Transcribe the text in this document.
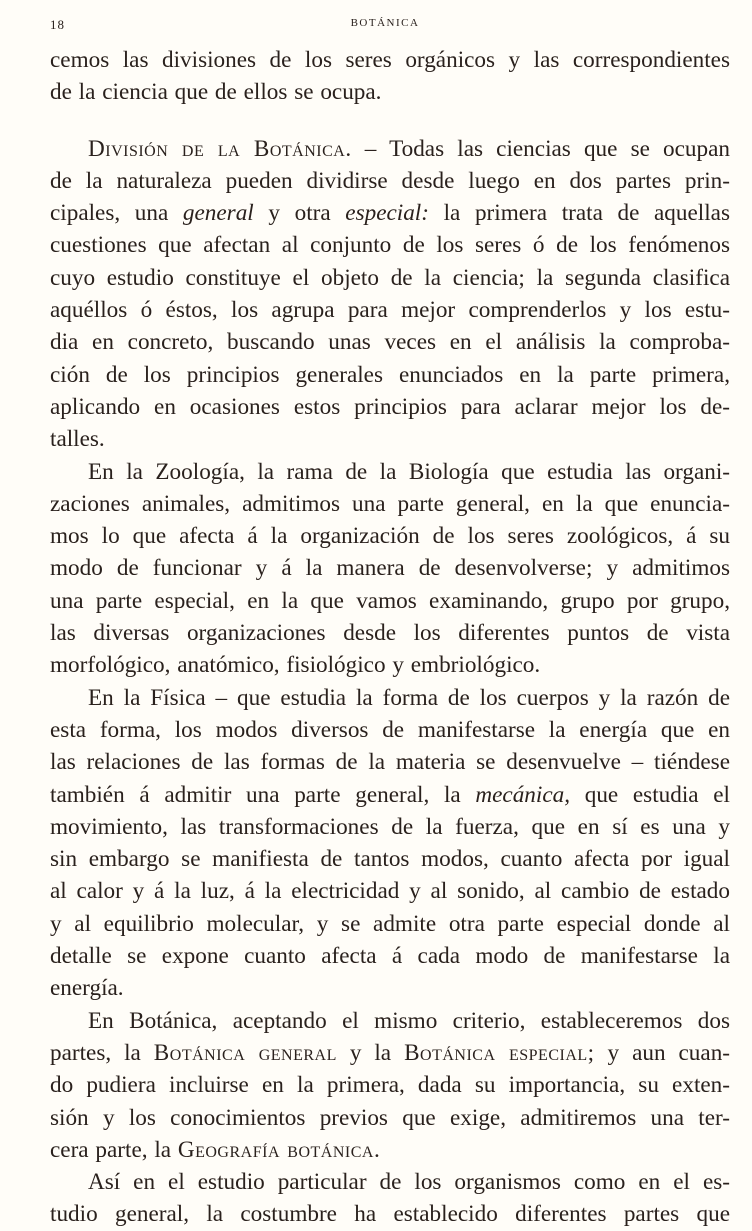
18	BOTÁNICA

cemos las divisiones de los seres orgánicos y las correspondientes
de la ciencia que de ellos se ocupa.

División de la Botánica. – Todas las ciencias que se ocupan
de la naturaleza pueden dividirse desde luego en dos partes prin-
cipales, una general y otra especial: la primera trata de aquellas
cuestiones que afectan al conjunto de los seres ó de los fenómenos
cuyo estudio constituye el objeto de la ciencia; la segunda clasifica
aquéllos ó éstos, los agrupa para mejor comprenderlos y los estu-
dia en concreto, buscando unas veces en el análisis la comproba-
ción de los principios generales enunciados en la parte primera,
aplicando en ocasiones estos principios para aclarar mejor los de-
talles.

En la Zoología, la rama de la Biología que estudia las organi-
zaciones animales, admitimos una parte general, en la que enuncia-
mos lo que afecta á la organización de los seres zoológicos, á su
modo de funcionar y á la manera de desenvolverse; y admitimos
una parte especial, en la que vamos examinando, grupo por grupo,
las diversas organizaciones desde los diferentes puntos de vista
morfológico, anatómico, fisiológico y embriológico.

En la Física – que estudia la forma de los cuerpos y la razón de
esta forma, los modos diversos de manifestarse la energía que en
las relaciones de las formas de la materia se desenvuelve – tiéndese
también á admitir una parte general, la mecánica, que estudia el
movimiento, las transformaciones de la fuerza, que en sí es una y
sin embargo se manifiesta de tantos modos, cuanto afecta por igual
al calor y á la luz, á la electricidad y al sonido, al cambio de estado
y al equilibrio molecular, y se admite otra parte especial donde al
detalle se expone cuanto afecta á cada modo de manifestarse la
energía.

En Botánica, aceptando el mismo criterio, estableceremos dos
partes, la Botánica general y la Botánica especial; y aun cuan-
do pudiera incluirse en la primera, dada su importancia, su exten-
sión y los conocimientos previos que exige, admitiremos una ter-
cera parte, la Geografía botánica.

Así en el estudio particular de los organismos como en el es-
tudio general, la costumbre ha establecido diferentes partes que
